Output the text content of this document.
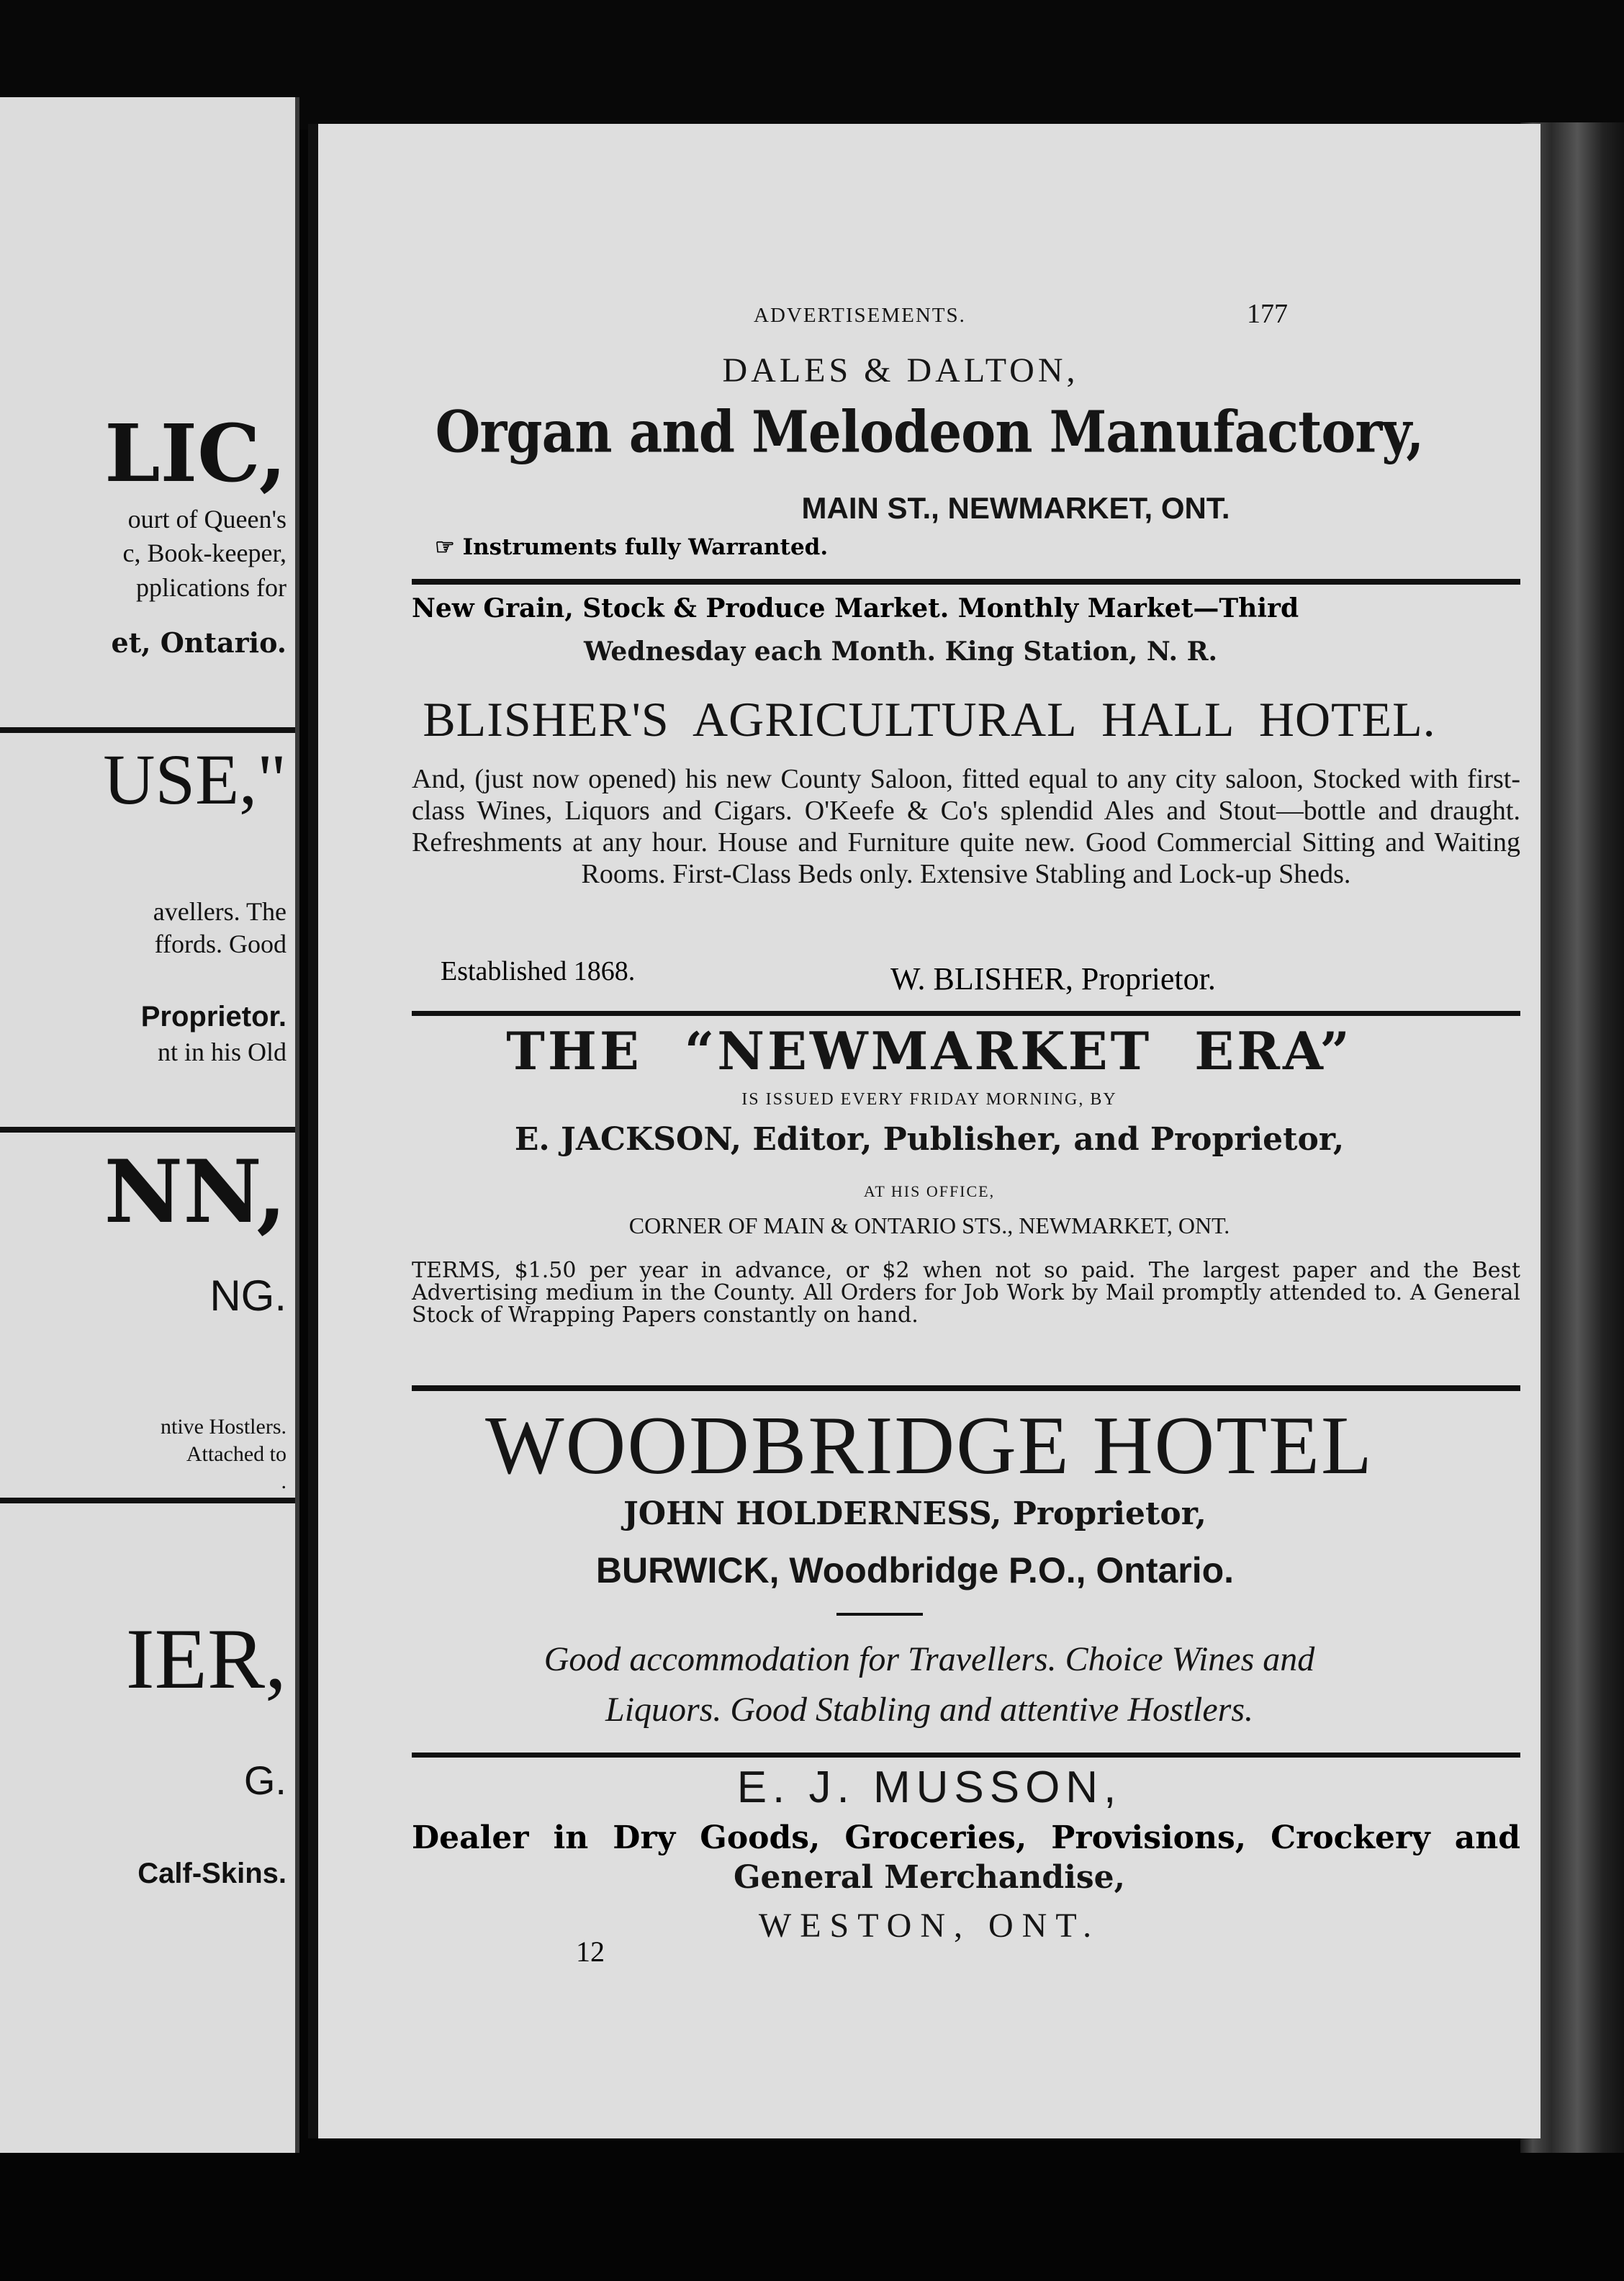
LIC,
ourt of Queen's
c, Book-keeper,
pplications for
et, Ontario.
USE,"
avellers. The
ffords. Good
Proprietor.
nt in his Old
NN,
NG.
ntive Hostlers.
Attached to
.
IER,
G.
Calf-Skins.
ADVERTISEMENTS.	177
DALES & DALTON,
Organ and Melodeon Manufactory,
MAIN ST., NEWMARKET, ONT.
☞ Instruments fully Warranted.
New Grain, Stock & Produce Market. Monthly Market—Third
Wednesday each Month. King Station, N. R.
BLISHER'S AGRICULTURAL HALL HOTEL.
And, (just now opened) his new County Saloon, fitted equal to any city saloon, Stocked with first-class Wines, Liquors and Cigars. O'Keefe & Co's splendid Ales and Stout—bottle and draught. Refreshments at any hour. House and Furniture quite new. Good Commercial Sitting and Waiting Rooms. First-Class Beds only. Extensive Stabling and Lock-up Sheds.
Established 1868.	W. BLISHER, Proprietor.
THE “NEWMARKET ERA”
IS ISSUED EVERY FRIDAY MORNING, BY
E. JACKSON, Editor, Publisher, and Proprietor,
AT HIS OFFICE,
CORNER OF MAIN & ONTARIO STS., NEWMARKET, ONT.
TERMS, $1.50 per year in advance, or $2 when not so paid. The largest paper and the Best Advertising medium in the County. All Orders for Job Work by Mail promptly attended to. A General Stock of Wrapping Papers constantly on hand.
WOODBRIDGE HOTEL
JOHN HOLDERNESS, Proprietor,
BURWICK, Woodbridge P.O., Ontario.
Good accommodation for Travellers. Choice Wines and
Liquors. Good Stabling and attentive Hostlers.
E. J. MUSSON,
Dealer in Dry Goods, Groceries, Provisions, Crockery and
General Merchandise,
WESTON, ONT.
12
